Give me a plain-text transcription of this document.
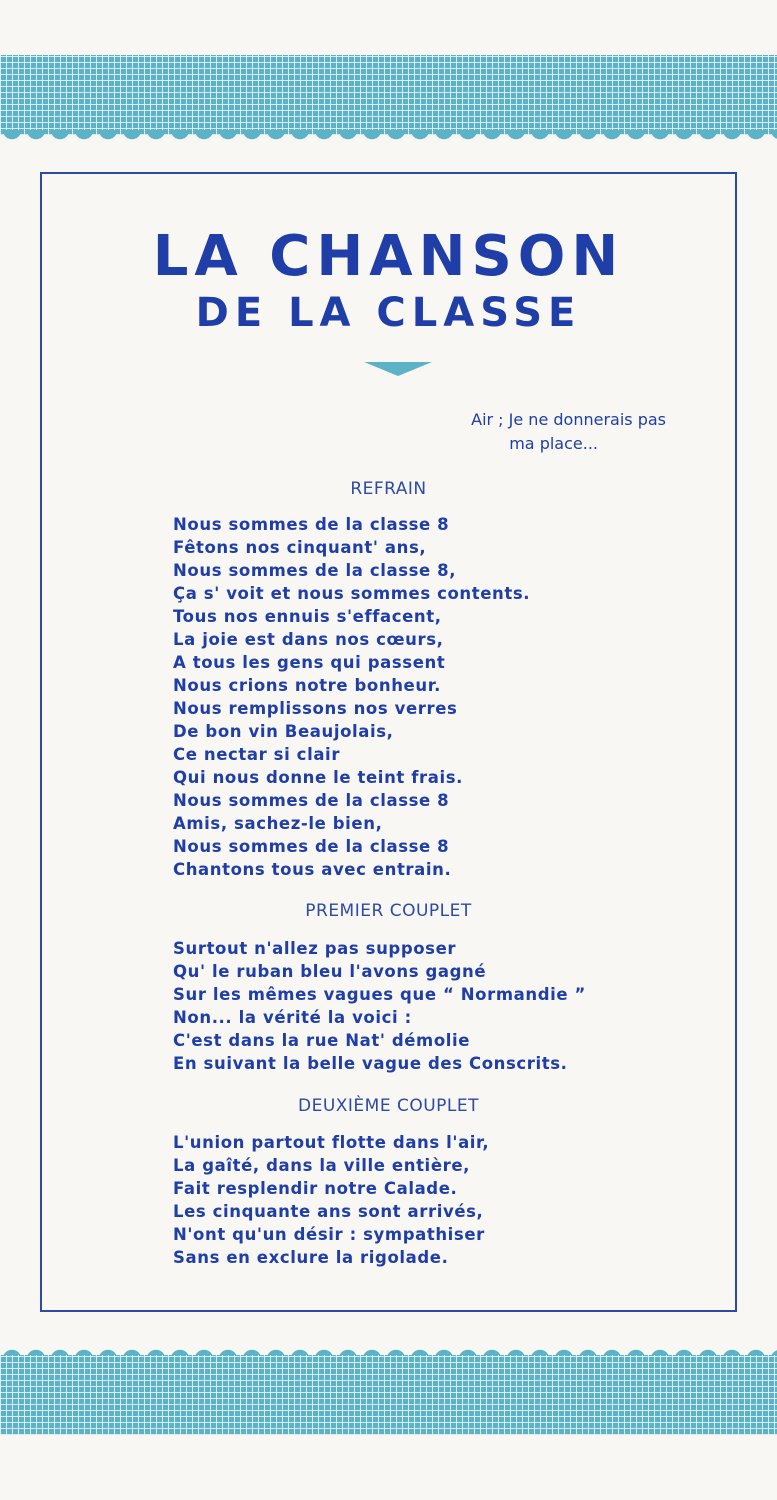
LA CHANSON
DE LA CLASSE
Air ; Je ne donnerais pas
ma place...
REFRAIN
Nous sommes de la classe 8
Fêtons nos cinquant' ans,
Nous sommes de la classe 8,
Ça s' voit et nous sommes contents.
Tous nos ennuis s'effacent,
La joie est dans nos cœurs,
A tous les gens qui passent
Nous crions notre bonheur.
Nous remplissons nos verres
De bon vin Beaujolais,
Ce nectar si clair
Qui nous donne le teint frais.
Nous sommes de la classe 8
Amis, sachez-le bien,
Nous sommes de la classe 8
Chantons tous avec entrain.
PREMIER COUPLET
Surtout n'allez pas supposer
Qu' le ruban bleu l'avons gagné
Sur les mêmes vagues que “ Normandie ”
Non... la vérité la voici :
C'est dans la rue Nat' démolie
En suivant la belle vague des Conscrits.
DEUXIÈME COUPLET
L'union partout flotte dans l'air,
La gaîté, dans la ville entière,
Fait resplendir notre Calade.
Les cinquante ans sont arrivés,
N'ont qu'un désir : sympathiser
Sans en exclure la rigolade.
